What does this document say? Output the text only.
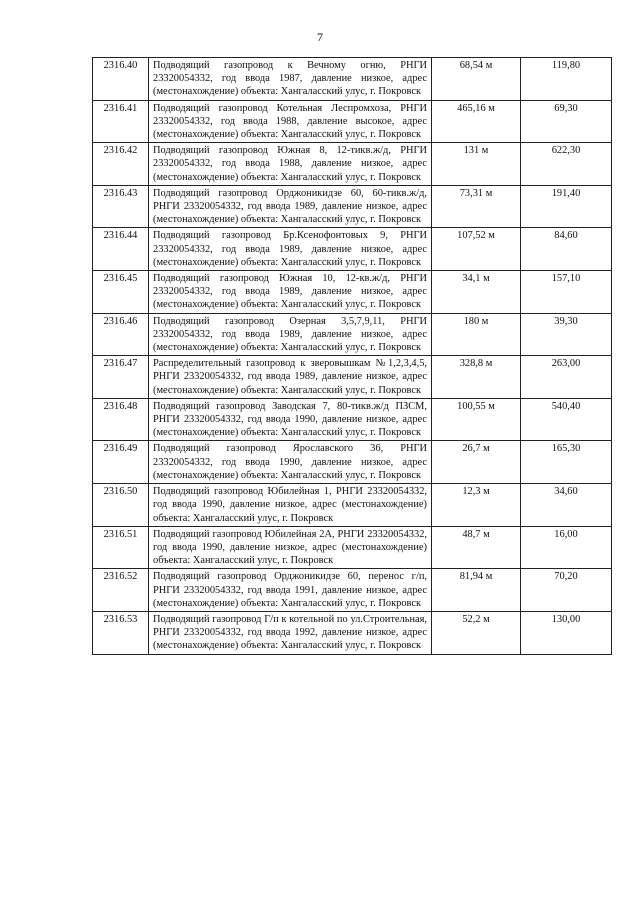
7
2316.40	Подводящий газопровод к Вечному огню, РНГИ 23320054332, год ввода 1987, давление низкое, адрес (местонахождение) объекта: Хангаласский улус, г. Покровск	68,54 м	119,80
2316.41	Подводящий газопровод Котельная Леспромхоза, РНГИ 23320054332, год ввода 1988, давление высокое, адрес (местонахождение) объекта: Хангаласский улус, г. Покровск	465,16 м	69,30
2316.42	Подводящий газопровод Южная 8, 12-тикв.ж/д, РНГИ 23320054332, год ввода 1988, давление низкое, адрес (местонахождение) объекта: Хангаласский улус, г. Покровск	131 м	622,30
2316.43	Подводящий газопровод Орджоникидзе 60, 60-тикв.ж/д, РНГИ 23320054332, год ввода 1989, давление низкое, адрес (местонахождение) объекта: Хангаласский улус, г. Покровск	73,31 м	191,40
2316.44	Подводящий газопровод Бр.Ксенофонтовых 9, РНГИ 23320054332, год ввода 1989, давление низкое, адрес (местонахождение) объекта: Хангаласский улус, г. Покровск	107,52 м	84,60
2316.45	Подводящий газопровод Южная 10, 12-кв.ж/д, РНГИ 23320054332, год ввода 1989, давление низкое, адрес (местонахождение) объекта: Хангаласский улус, г. Покровск	34,1 м	157,10
2316.46	Подводящий газопровод Озерная 3,5,7,9,11, РНГИ 23320054332, год ввода 1989, давление низкое, адрес (местонахождение) объекта: Хангаласский улус, г. Покровск	180 м	39,30
2316.47	Распределительный газопровод к зверовышкам №1,2,3,4,5, РНГИ 23320054332, год ввода 1989, давление низкое, адрес (местонахождение) объекта: Хангаласский улус, г. Покровск	328,8 м	263,00
2316.48	Подводящий газопровод Заводская 7, 80-тикв.ж/д ПЗСМ, РНГИ 23320054332, год ввода 1990, давление низкое, адрес (местонахождение) объекта: Хангаласский улус, г. Покровск	100,55 м	540,40
2316.49	Подводящий газопровод Ярославского 36, РНГИ 23320054332, год ввода 1990, давление низкое, адрес (местонахождение) объекта: Хангаласский улус, г. Покровск	26,7 м	165,30
2316.50	Подводящий газопровод Юбилейная 1, РНГИ 23320054332, год ввода 1990, давление низкое, адрес (местонахождение) объекта: Хангаласский улус, г. Покровск	12,3 м	34,60
2316.51	Подводящий газопровод Юбилейная 2А, РНГИ 23320054332, год ввода 1990, давление низкое, адрес (местонахождение) объекта: Хангаласский улус, г. Покровск	48,7 м	16,00
2316.52	Подводящий газопровод Орджоникидзе 60, перенос г/п, РНГИ 23320054332, год ввода 1991, давление низкое, адрес (местонахождение) объекта: Хангаласский улус, г. Покровск	81,94 м	70,20
2316.53	Подводящий газопровод Г/п к котельной по ул.Строительная, РНГИ 23320054332, год ввода 1992, давление низкое, адрес (местонахождение) объекта: Хангаласский улус, г. Покровск	52,2 м	130,00
